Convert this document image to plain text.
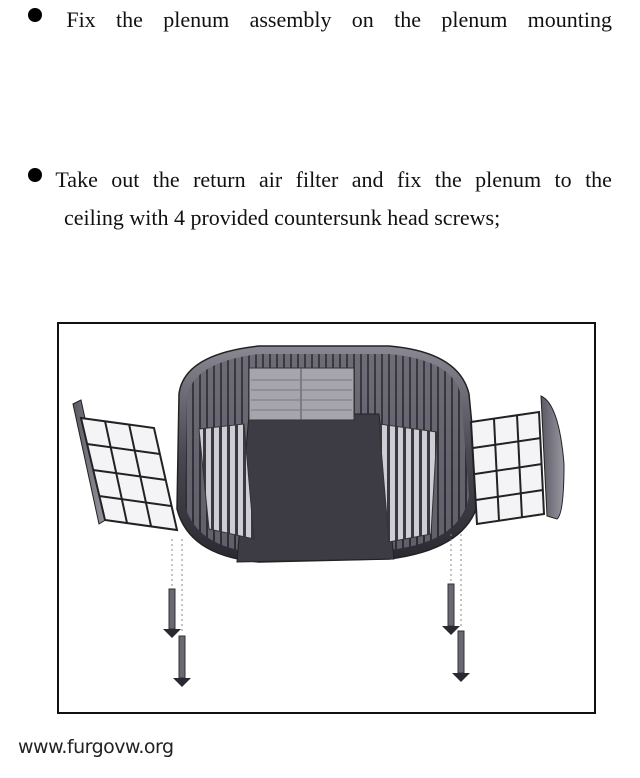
Fix the plenum assembly on the plenum mounting
Take out the return air filter and fix the plenum to the
ceiling with 4 provided countersunk head screws;
www.furgovw.org
